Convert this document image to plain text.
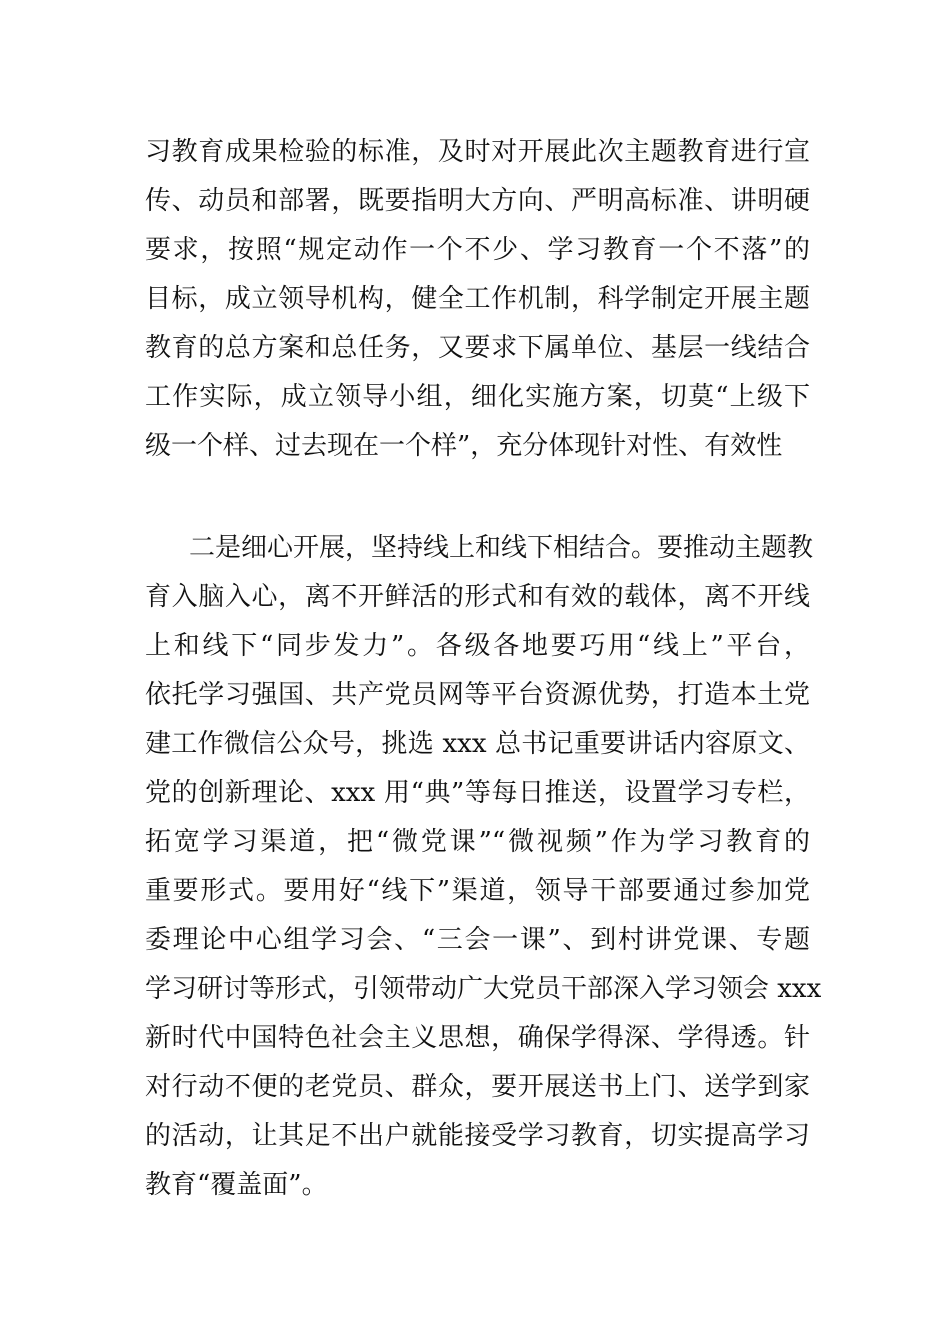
习教育成果检验的标准，及时对开展此次主题教育进行宣
传、动员和部署，既要指明大方向、严明高标准、讲明硬
要求，按照“规定动作一个不少、学习教育一个不落”的
目标，成立领导机构，健全工作机制，科学制定开展主题
教育的总方案和总任务，又要求下属单位、基层一线结合
工作实际，成立领导小组，细化实施方案，切莫“上级下
级一个样、过去现在一个样”，充分体现针对性、有效性
二是细心开展，坚持线上和线下相结合。要推动主题教
育入脑入心，离不开鲜活的形式和有效的载体，离不开线
上和线下“同步发力”。各级各地要巧用“线上”平台，
依托学习强国、共产党员网等平台资源优势，打造本土党
建工作微信公众号，挑选 xxx 总书记重要讲话内容原文、
党的创新理论、xxx 用“典”等每日推送，设置学习专栏，
拓宽学习渠道，把“微党课”“微视频”作为学习教育的
重要形式。要用好“线下”渠道，领导干部要通过参加党
委理论中心组学习会、“三会一课”、到村讲党课、专题
学习研讨等形式，引领带动广大党员干部深入学习领会 xxx
新时代中国特色社会主义思想，确保学得深、学得透。针
对行动不便的老党员、群众，要开展送书上门、送学到家
的活动，让其足不出户就能接受学习教育，切实提高学习
教育“覆盖面”。
